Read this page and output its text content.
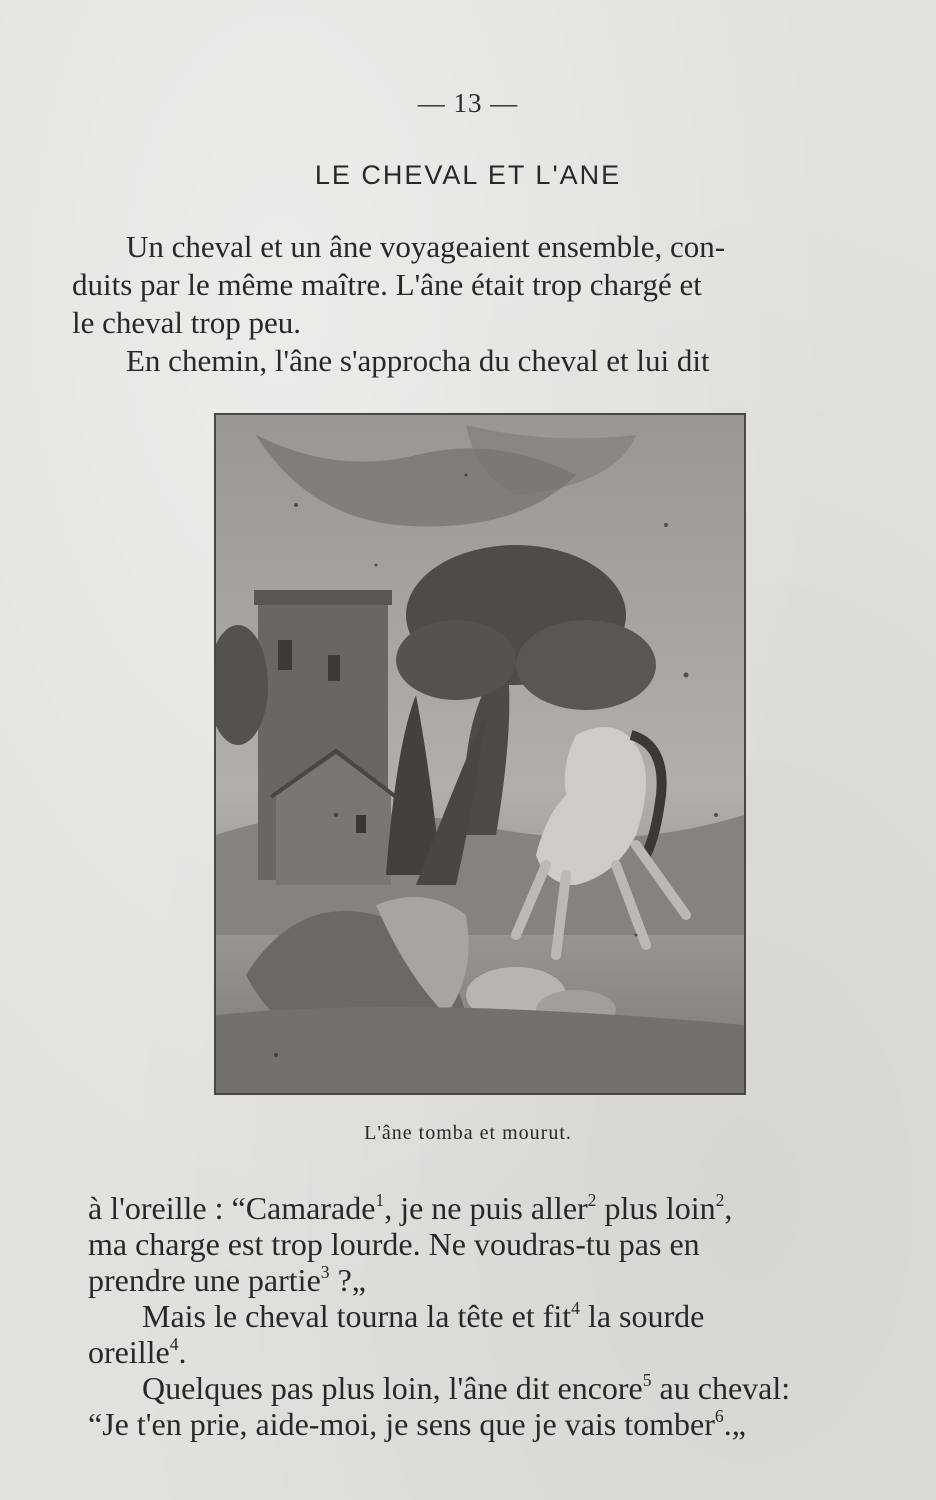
— 13 —
LE CHEVAL ET L'ANE
Un cheval et un âne voyageaient ensemble, con-
duits par le même maître. L'âne était trop chargé et
le cheval trop peu.
En chemin, l'âne s'approcha du cheval et lui dit
L'âne tomba et mourut.
à l'oreille : “Camarade$^1$, je ne puis aller$^2$ plus loin$^2$,
ma charge est trop lourde. Ne voudras-tu pas en
prendre une partie$^3$ ?„
Mais le cheval tourna la tête et fit$^4$ la sourde
oreille$^4$.
Quelques pas plus loin, l'âne dit encore$^5$ au cheval:
“Je t'en prie, aide-moi, je sens que je vais tomber$^6$.„
